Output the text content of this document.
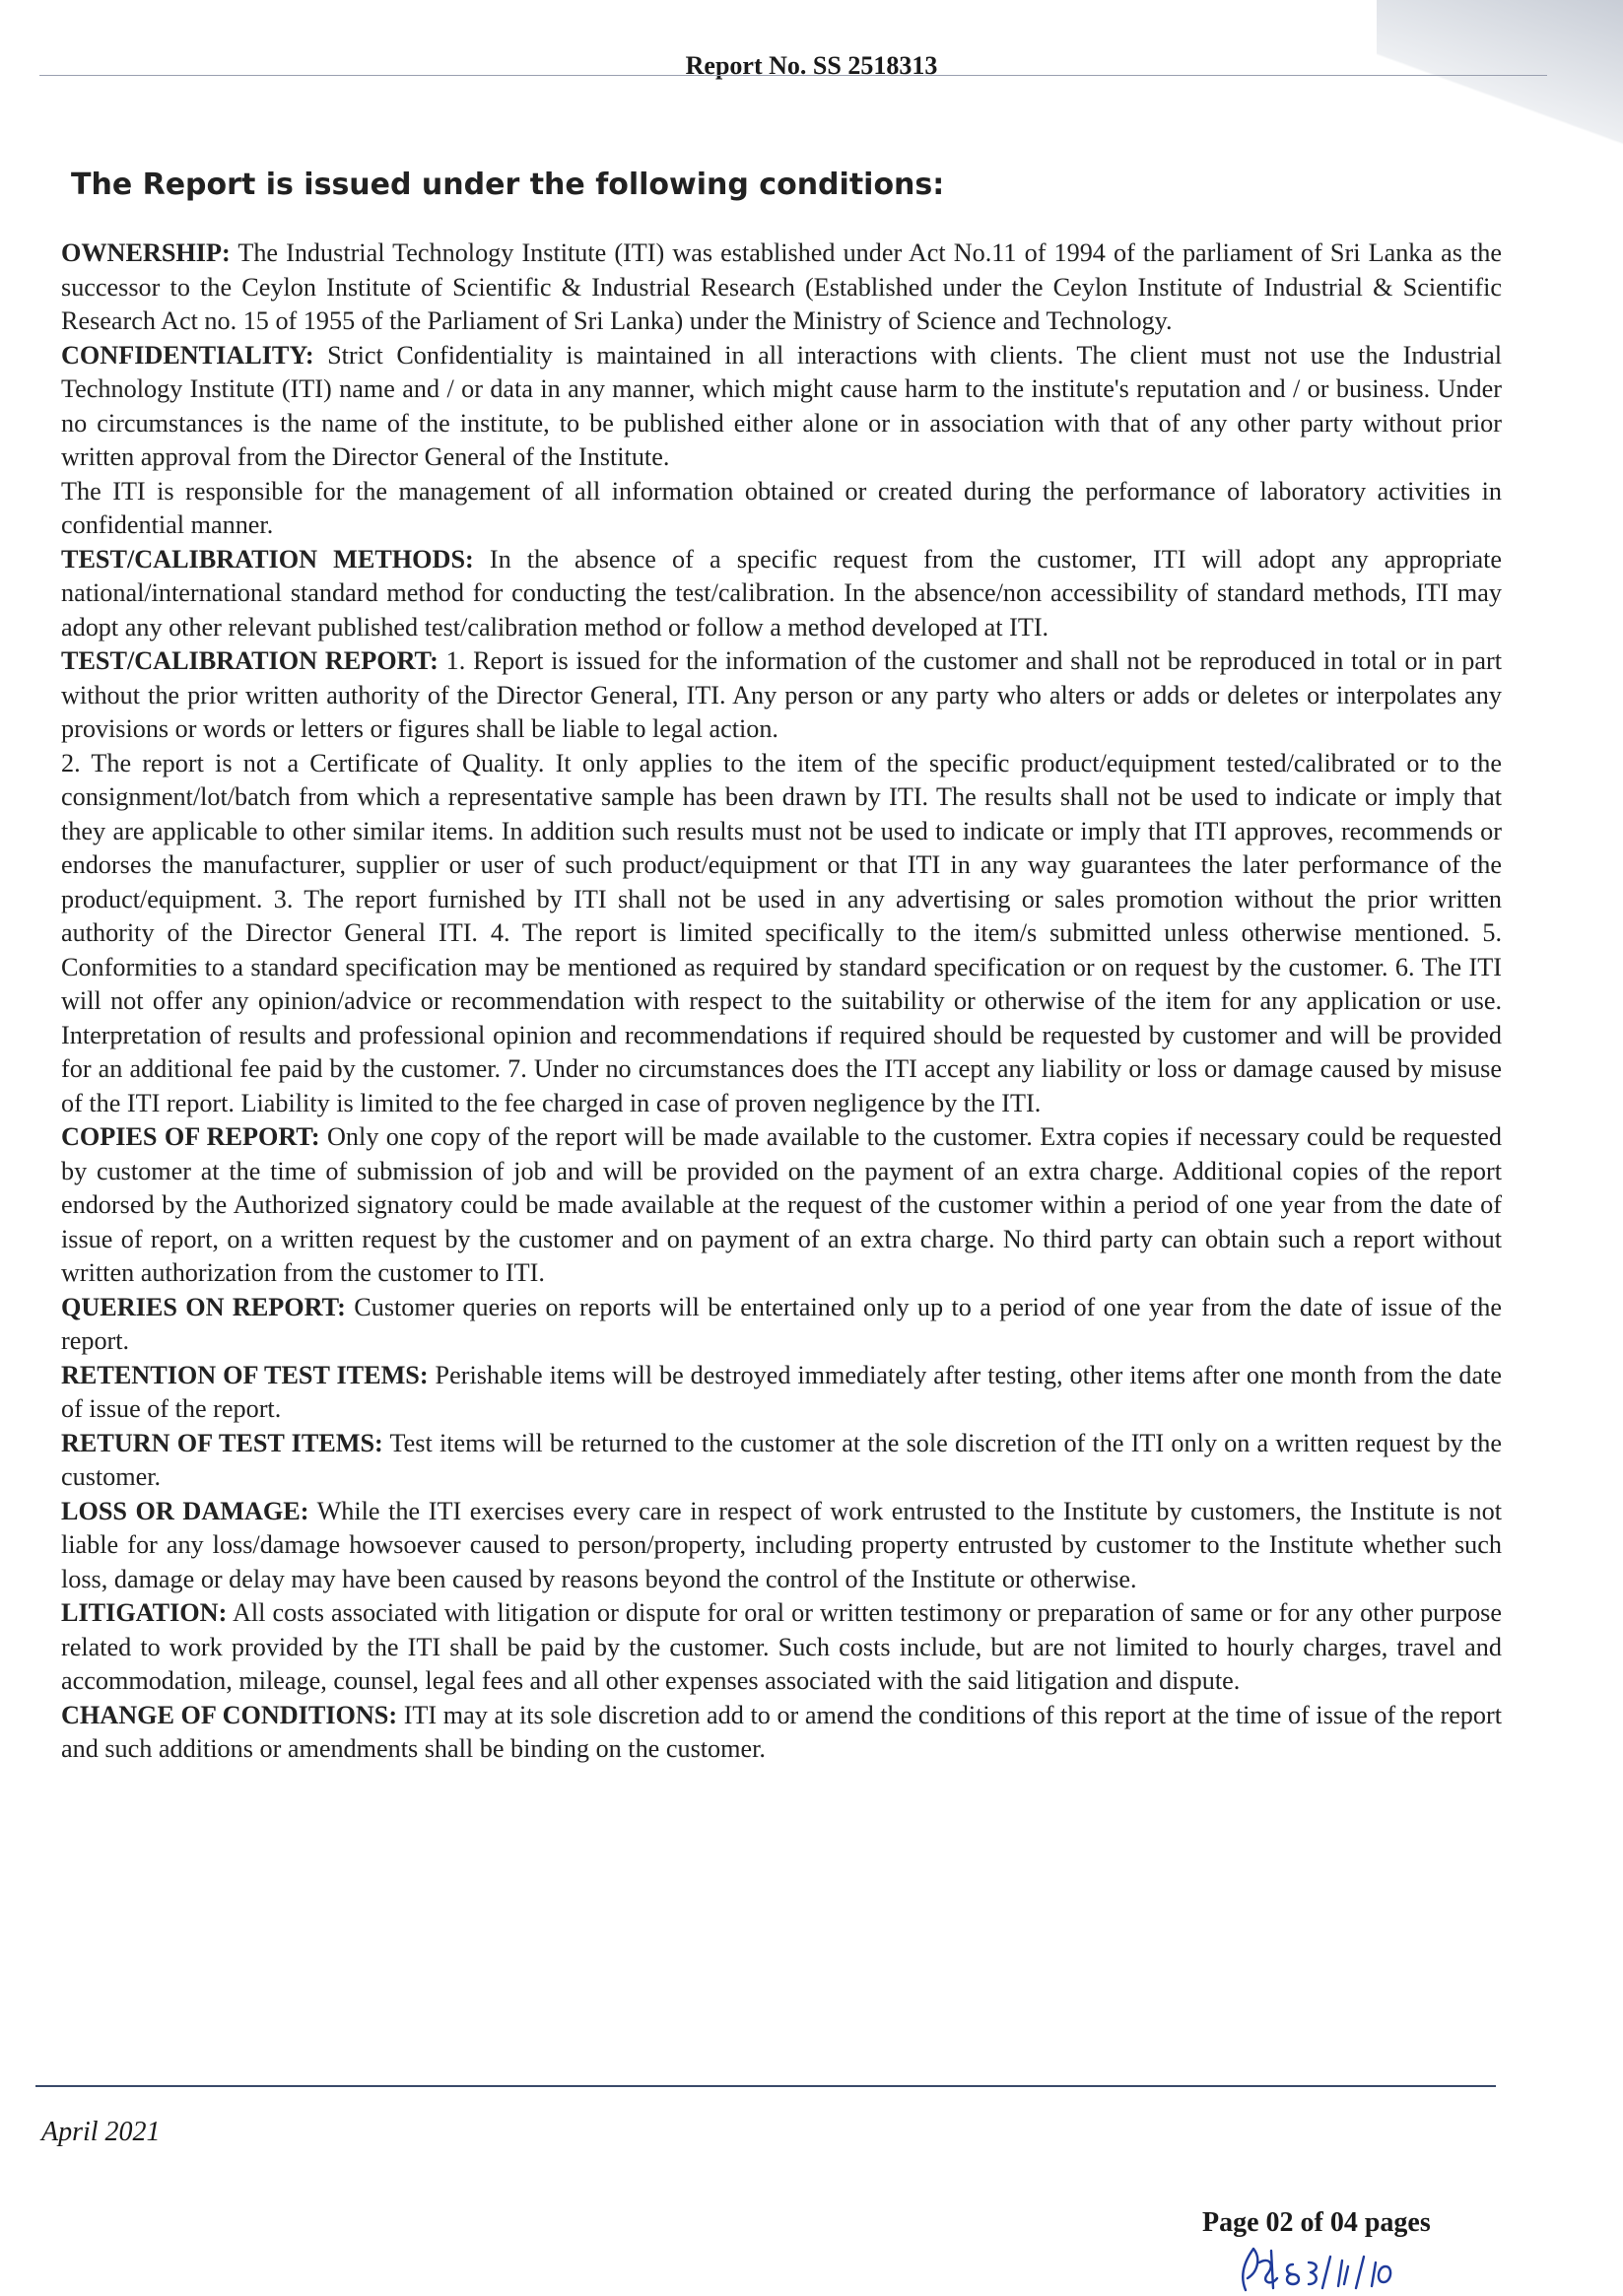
Report No. SS 2518313
The Report is issued under the following conditions:

OWNERSHIP: The Industrial Technology Institute (ITI) was established under Act No.11 of 1994 of the parliament of Sri Lanka as the successor to the Ceylon Institute of Scientific & Industrial Research (Established under the Ceylon Institute of Industrial & Scientific Research Act no. 15 of 1955 of the Parliament of Sri Lanka) under the Ministry of Science and Technology.

CONFIDENTIALITY: Strict Confidentiality is maintained in all interactions with clients. The client must not use the Industrial Technology Institute (ITI) name and / or data in any manner, which might cause harm to the institute's reputation and / or business. Under no circumstances is the name of the institute, to be published either alone or in association with that of any other party without prior written approval from the Director General of the Institute.

The ITI is responsible for the management of all information obtained or created during the performance of laboratory activities in confidential manner.

TEST/CALIBRATION METHODS: In the absence of a specific request from the customer, ITI will adopt any appropriate national/international standard method for conducting the test/calibration. In the absence/non accessibility of standard methods, ITI may adopt any other relevant published test/calibration method or follow a method developed at ITI.

TEST/CALIBRATION REPORT: 1. Report is issued for the information of the customer and shall not be reproduced in total or in part without the prior written authority of the Director General, ITI. Any person or any party who alters or adds or deletes or interpolates any provisions or words or letters or figures shall be liable to legal action.

2. The report is not a Certificate of Quality. It only applies to the item of the specific product/equipment tested/calibrated or to the consignment/lot/batch from which a representative sample has been drawn by ITI. The results shall not be used to indicate or imply that they are applicable to other similar items. In addition such results must not be used to indicate or imply that ITI approves, recommends or endorses the manufacturer, supplier or user of such product/equipment or that ITI in any way guarantees the later performance of the product/equipment. 3. The report furnished by ITI shall not be used in any advertising or sales promotion without the prior written authority of the Director General ITI. 4. The report is limited specifically to the item/s submitted unless otherwise mentioned. 5. Conformities to a standard specification may be mentioned as required by standard specification or on request by the customer. 6. The ITI will not offer any opinion/advice or recommendation with respect to the suitability or otherwise of the item for any application or use. Interpretation of results and professional opinion and recommendations if required should be requested by customer and will be provided for an additional fee paid by the customer. 7. Under no circumstances does the ITI accept any liability or loss or damage caused by misuse of the ITI report. Liability is limited to the fee charged in case of proven negligence by the ITI.

COPIES OF REPORT: Only one copy of the report will be made available to the customer. Extra copies if necessary could be requested by customer at the time of submission of job and will be provided on the payment of an extra charge. Additional copies of the report endorsed by the Authorized signatory could be made available at the request of the customer within a period of one year from the date of issue of report, on a written request by the customer and on payment of an extra charge. No third party can obtain such a report without written authorization from the customer to ITI.

QUERIES ON REPORT: Customer queries on reports will be entertained only up to a period of one year from the date of issue of the report.

RETENTION OF TEST ITEMS: Perishable items will be destroyed immediately after testing, other items after one month from the date of issue of the report.

RETURN OF TEST ITEMS: Test items will be returned to the customer at the sole discretion of the ITI only on a written request by the customer.

LOSS OR DAMAGE: While the ITI exercises every care in respect of work entrusted to the Institute by customers, the Institute is not liable for any loss/damage howsoever caused to person/property, including property entrusted by customer to the Institute whether such loss, damage or delay may have been caused by reasons beyond the control of the Institute or otherwise.

LITIGATION: All costs associated with litigation or dispute for oral or written testimony or preparation of same or for any other purpose related to work provided by the ITI shall be paid by the customer. Such costs include, but are not limited to hourly charges, travel and accommodation, mileage, counsel, legal fees and all other expenses associated with the said litigation and dispute.

CHANGE OF CONDITIONS: ITI may at its sole discretion add to or amend the conditions of this report at the time of issue of the report and such additions or amendments shall be binding on the customer.

April 2021
Page 02 of 04 pages
